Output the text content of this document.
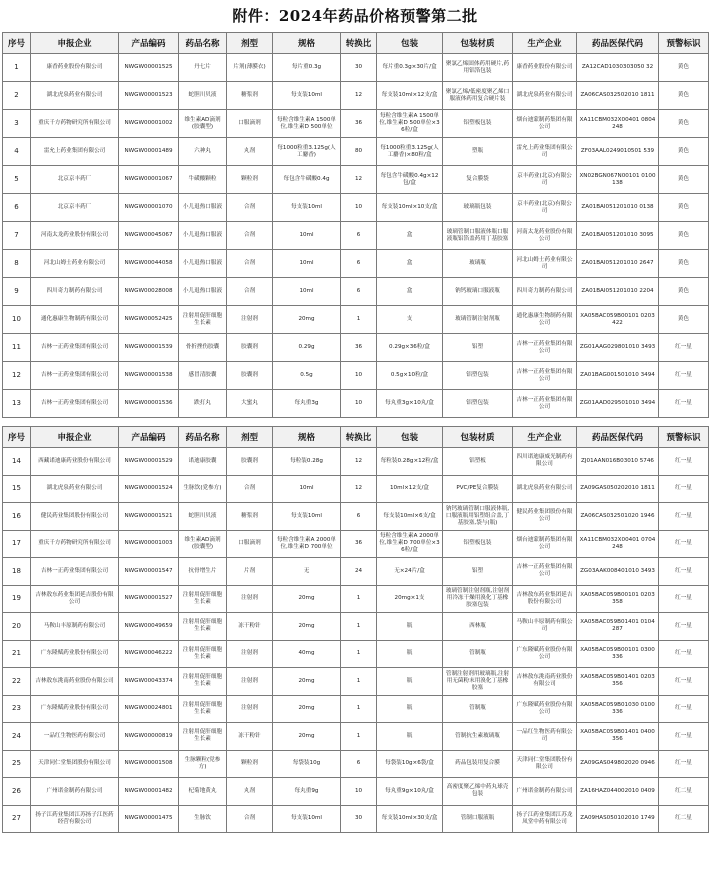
附件：2024年药品价格预警第二批
序号	申报企业	产品编码	药品名称	剂型	规格	转换比	包装	包装材质	生产企业	药品医保代码	预警标识
1	康香药业股份有限公司	NWGW00001525	丹七片	片剂(薄膜衣)	每片重0.3g	30	每片重0.3g×30片/盒	聚氯乙烯固体药用硬片,药用铝箔包装	康香药业股份有限公司	ZA12CAD1030303050 32	黄色
2	湖北虎泉药业有限公司	NWGW00001523	蛇胆川贝液	糖浆剂	每支装10ml	12	每支装10ml×12支/盒	聚氯乙烯/低密度聚乙烯口服液体药用复合硬片装	湖北虎泉药业有限公司	ZA06CAS032502010 1811	黄色
3	重庆千方药物研究所有限公司	NWGW00001002	维生素AD滴剂(胶囊型)	口服滴剂	每粒含维生素A 1500单位,维生素D 500单位	36	每粒含维生素A 1500单位,维生素D 500单位×36粒/盒	铝塑板包装	烟台迪蒙制药集团有限公司	XA11CBM032X00401 0804248	黄色
4	雷允上药业集团有限公司	NWGW00001489	六神丸	丸剂	每1000粒重3.125g(人工麝香)	80	每1000粒重3.125g(人工麝香)×80粒/盒	塑瓶	雷允上药业集团有限公司	ZF03AAL0249010501 539	黄色
5	北京京丰药厂	NWGW00001067	牛磺酸颗粒	颗粒剂	每包含牛磺酸0.4g	12	每包含牛磺酸0.4g×12包/盒	复合膜袋	京丰药业(北京)有限公司	XN02BGN067N00101 0100138	黄色
6	北京京丰药厂	NWGW00001070	小儿退热口服液	合剂	每支装10ml	10	每支装10ml×10支/盒	玻璃瓶包装	京丰药业(北京)有限公司	ZA01BAI051201010 0138	黄色
7	河南太龙药业股份有限公司	NWGW00045067	小儿退热口服液	合剂	10ml	6	盒	玻璃管制口服液体瓶口服液瓶铝箔盖药用丁基胶塞	河南太龙药业股份有限公司	ZA01BAI051201010 3095	黄色
8	河北山姆士药业有限公司	NWGW00044058	小儿退热口服液	合剂	10ml	6	盒	玻璃瓶	河北山姆士药业有限公司	ZA01BAI051201010 2647	黄色
9	四川奇力制药有限公司	NWGW00028008	小儿退热口服液	合剂	10ml	6	盒	钠钙玻璃口服液瓶	四川奇力制药有限公司	ZA01BAI051201010 2204	黄色
10	通化惠康生物制药有限公司	NWGW00052425	注射用促肝细胞生长素	注射剂	20mg	1	支	玻璃管制注射剂瓶	通化惠康生物制药有限公司	XA05BAC059B00101 0203422	黄色
11	吉林一正药业集团有限公司	NWGW00001539	骨折挫伤胶囊	胶囊剂	0.29g	36	0.29g×36粒/盒	铝塑	吉林一正药业集团有限公司	ZG01AAG029801010 3493	红一星
12	吉林一正药业集团有限公司	NWGW00001538	感冒清胶囊	胶囊剂	0.5g	10	0.5g×10粒/盒	铝塑包装	吉林一正药业集团有限公司	ZA01BAG001501010 3494	红一星
13	吉林一正药业集团有限公司	NWGW00001536	跌打丸	大蜜丸	每丸重3g	10	每丸重3g×10丸/盒	铝塑包装	吉林一正药业集团有限公司	ZG01AAD029501010 3494	红一星
序号	申报企业	产品编码	药品名称	剂型	规格	转换比	包装	包装材质	生产企业	药品医保代码	预警标识
14	西藏诺迪康药业股份有限公司	NWGW00001529	诺迪康胶囊	胶囊剂	每粒装0.28g	12	每粒装0.28g×12粒/盒	铝塑板	四川诺迪康威光制药有限公司	ZJ01AAN016B03010 5746	红一星
15	湖北虎泉药业有限公司	NWGW00001524	生脉饮(党参方)	合剂	10ml	12	10ml×12支/盒	PVC/PE复合膜装	湖北虎泉药业有限公司	ZA09GAS050202010 1811	红一星
16	健民药业集团股份有限公司	NWGW00001521	蛇胆川贝液	糖浆剂	每支装10ml	6	每支装10ml×6支/盒	钠钙玻璃管制口服液体瓶,口服液瓶用铝塑组合盖,丁基胶塞,袋与(瓶)	健民药业集团股份有限公司	ZA06CAS032501020 1946	红一星
17	重庆千方药物研究所有限公司	NWGW00001003	维生素AD滴剂(胶囊型)	口服滴剂	每粒含维生素A 2000单位,维生素D 700单位	36	每粒含维生素A 2000单位,维生素D 700单位×36粒/盒	铝塑板包装	烟台迪蒙制药集团有限公司	XA11CBM032X00401 0704248	红一星
18	吉林一正药业集团有限公司	NWGW00001547	抗骨增生片	片剂	无	24	无×24片/盒	铝塑	吉林一正药业集团有限公司	ZG03AAK008401010 3493	红一星
19	吉林敖东药业集团延吉股份有限公司	NWGW00001527	注射用促肝细胞生长素	注射剂	20mg	1	20mg×1支	玻璃管制注射剂瓶,注射剂用冷冻干燥用溴化丁基橡胶塞包装	吉林敖东药业集团延吉股份有限公司	XA05BAC059B00101 0203358	红一星
20	马鞍山丰原制药有限公司	NWGW00049659	注射用促肝细胞生长素	冻干粉针	20mg	1	瓶	西林瓶	马鞍山丰原制药有限公司	XA05BAC059B01401 0104287	红一星
21	广东隆赋药业股份有限公司	NWGW00046222	注射用促肝细胞生长素	注射剂	40mg	1	瓶	管制瓶	广东隆赋药业股份有限公司	XA05BAC059B00101 0300336	红一星
22	吉林敖东洮南药业股份有限公司	NWGW00043374	注射用促肝细胞生长素	注射剂	20mg	1	瓶	管制注射剂用玻璃瓶,注射用无菌粉末用溴化丁基橡胶塞	吉林敖东洮南药业股份有限公司	XA05BAC059B01401 0203356	红一星
23	广东隆赋药业股份有限公司	NWGW00024801	注射用促肝细胞生长素	注射剂	20mg	1	瓶	管制瓶	广东隆赋药业股份有限公司	XA05BAC059B01030 0100336	红一星
24	一品红生物医药有限公司	NWGW00000819	注射用促肝细胞生长素	冻干粉针	20mg	1	瓶	管制抗生素玻璃瓶	一品红生物医药有限公司	XA05BAC059B01401 0400356	红一星
25	天津同仁堂集团股份有限公司	NWGW00001508	生脉颗粒(党参方)	颗粒剂	每袋装10g	6	每袋装10g×6袋/盒	药品包装用复合膜	天津同仁堂集团股份有限公司	ZA09GAS049802020 0946	红一星
26	广州诺金制药有限公司	NWGW00001482	杞菊地黄丸	丸剂	每丸重9g	10	每丸重9g×10丸/盒	高密度聚乙烯中药丸球壳包装	广州诺金制药有限公司	ZA16HAZ044002010 0409	红二星
27	扬子江药业集团江苏扬子江医药经营有限公司	NWGW00001475	生脉饮	合剂	每支装10ml	30	每支装10ml×30支/盒	管制口服液瓶	扬子江药业集团江苏龙凤堂中药有限公司	ZA09HAS050102010 1749	红二星
